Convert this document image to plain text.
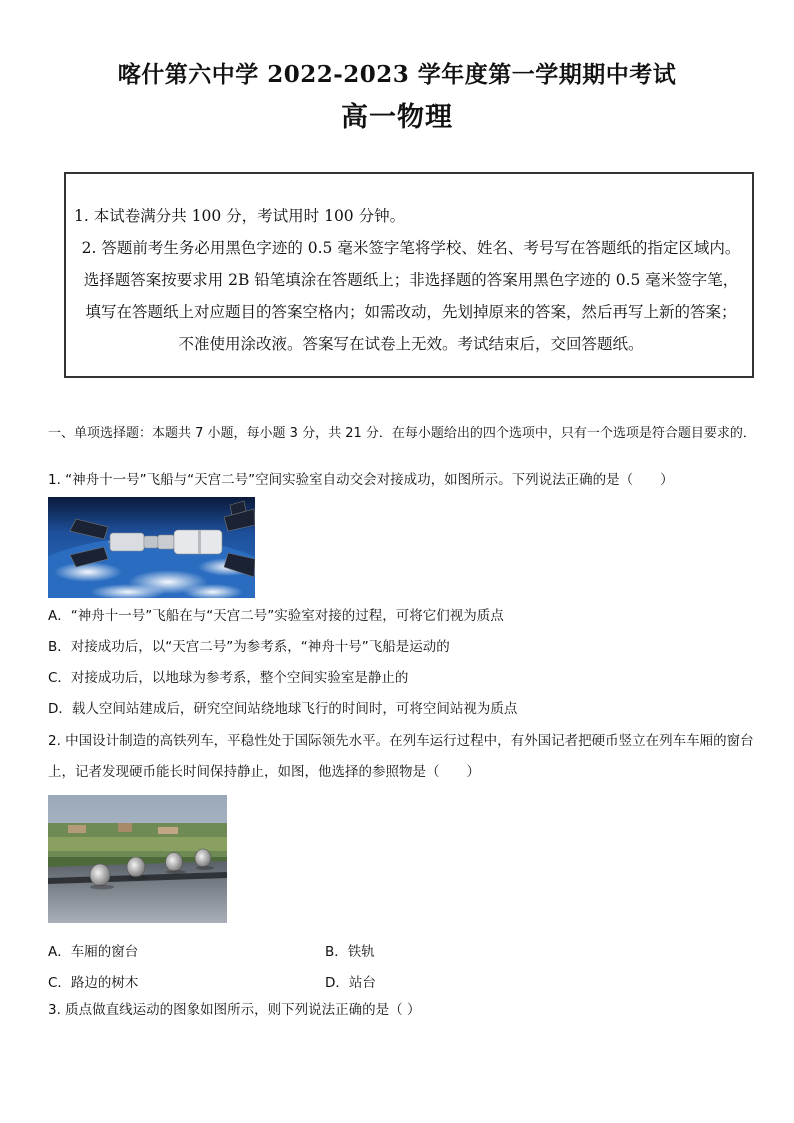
喀什第六中学 2022-2023 学年度第一学期期中考试
高一物理

1. 本试卷满分共 100 分，考试用时 100 分钟。

2. 答题前考生务必用黑色字迹的 0.5 毫米签字笔将学校、姓名、考号写在答题纸的指定区域内。选择题答案按要求用 2B 铅笔填涂在答题纸上；非选择题的答案用黑色字迹的 0.5 毫米签字笔，填写在答题纸上对应题目的答案空格内；如需改动，先划掉原来的答案，然后再写上新的答案；不准使用涂改液。答案写在试卷上无效。考试结束后，交回答题纸。

一、单项选择题：本题共 7 小题，每小题 3 分，共 21 分．在每小题给出的四个选项中，只有一个选项是符合题目要求的．
1. “神舟十一号”飞船与“天宫二号”空间实验室自动交会对接成功，如图所示。下列说法正确的是（　　）
A．“神舟十一号”飞船在与“天宫二号”实验室对接的过程，可将它们视为质点
B．对接成功后，以“天宫二号”为参考系，“神舟十号”飞船是运动的
C．对接成功后，以地球为参考系，整个空间实验室是静止的
D．载人空间站建成后，研究空间站绕地球飞行的时间时，可将空间站视为质点
2. 中国设计制造的高铁列车，平稳性处于国际领先水平。在列车运行过程中，有外国记者把硬币竖立在列车车厢的窗台上，记者发现硬币能长时间保持静止，如图，他选择的参照物是（　　）
A．车厢的窗台	B．铁轨
C．路边的树木	D．站台
3. 质点做直线运动的图象如图所示，则下列说法正确的是（ ）
